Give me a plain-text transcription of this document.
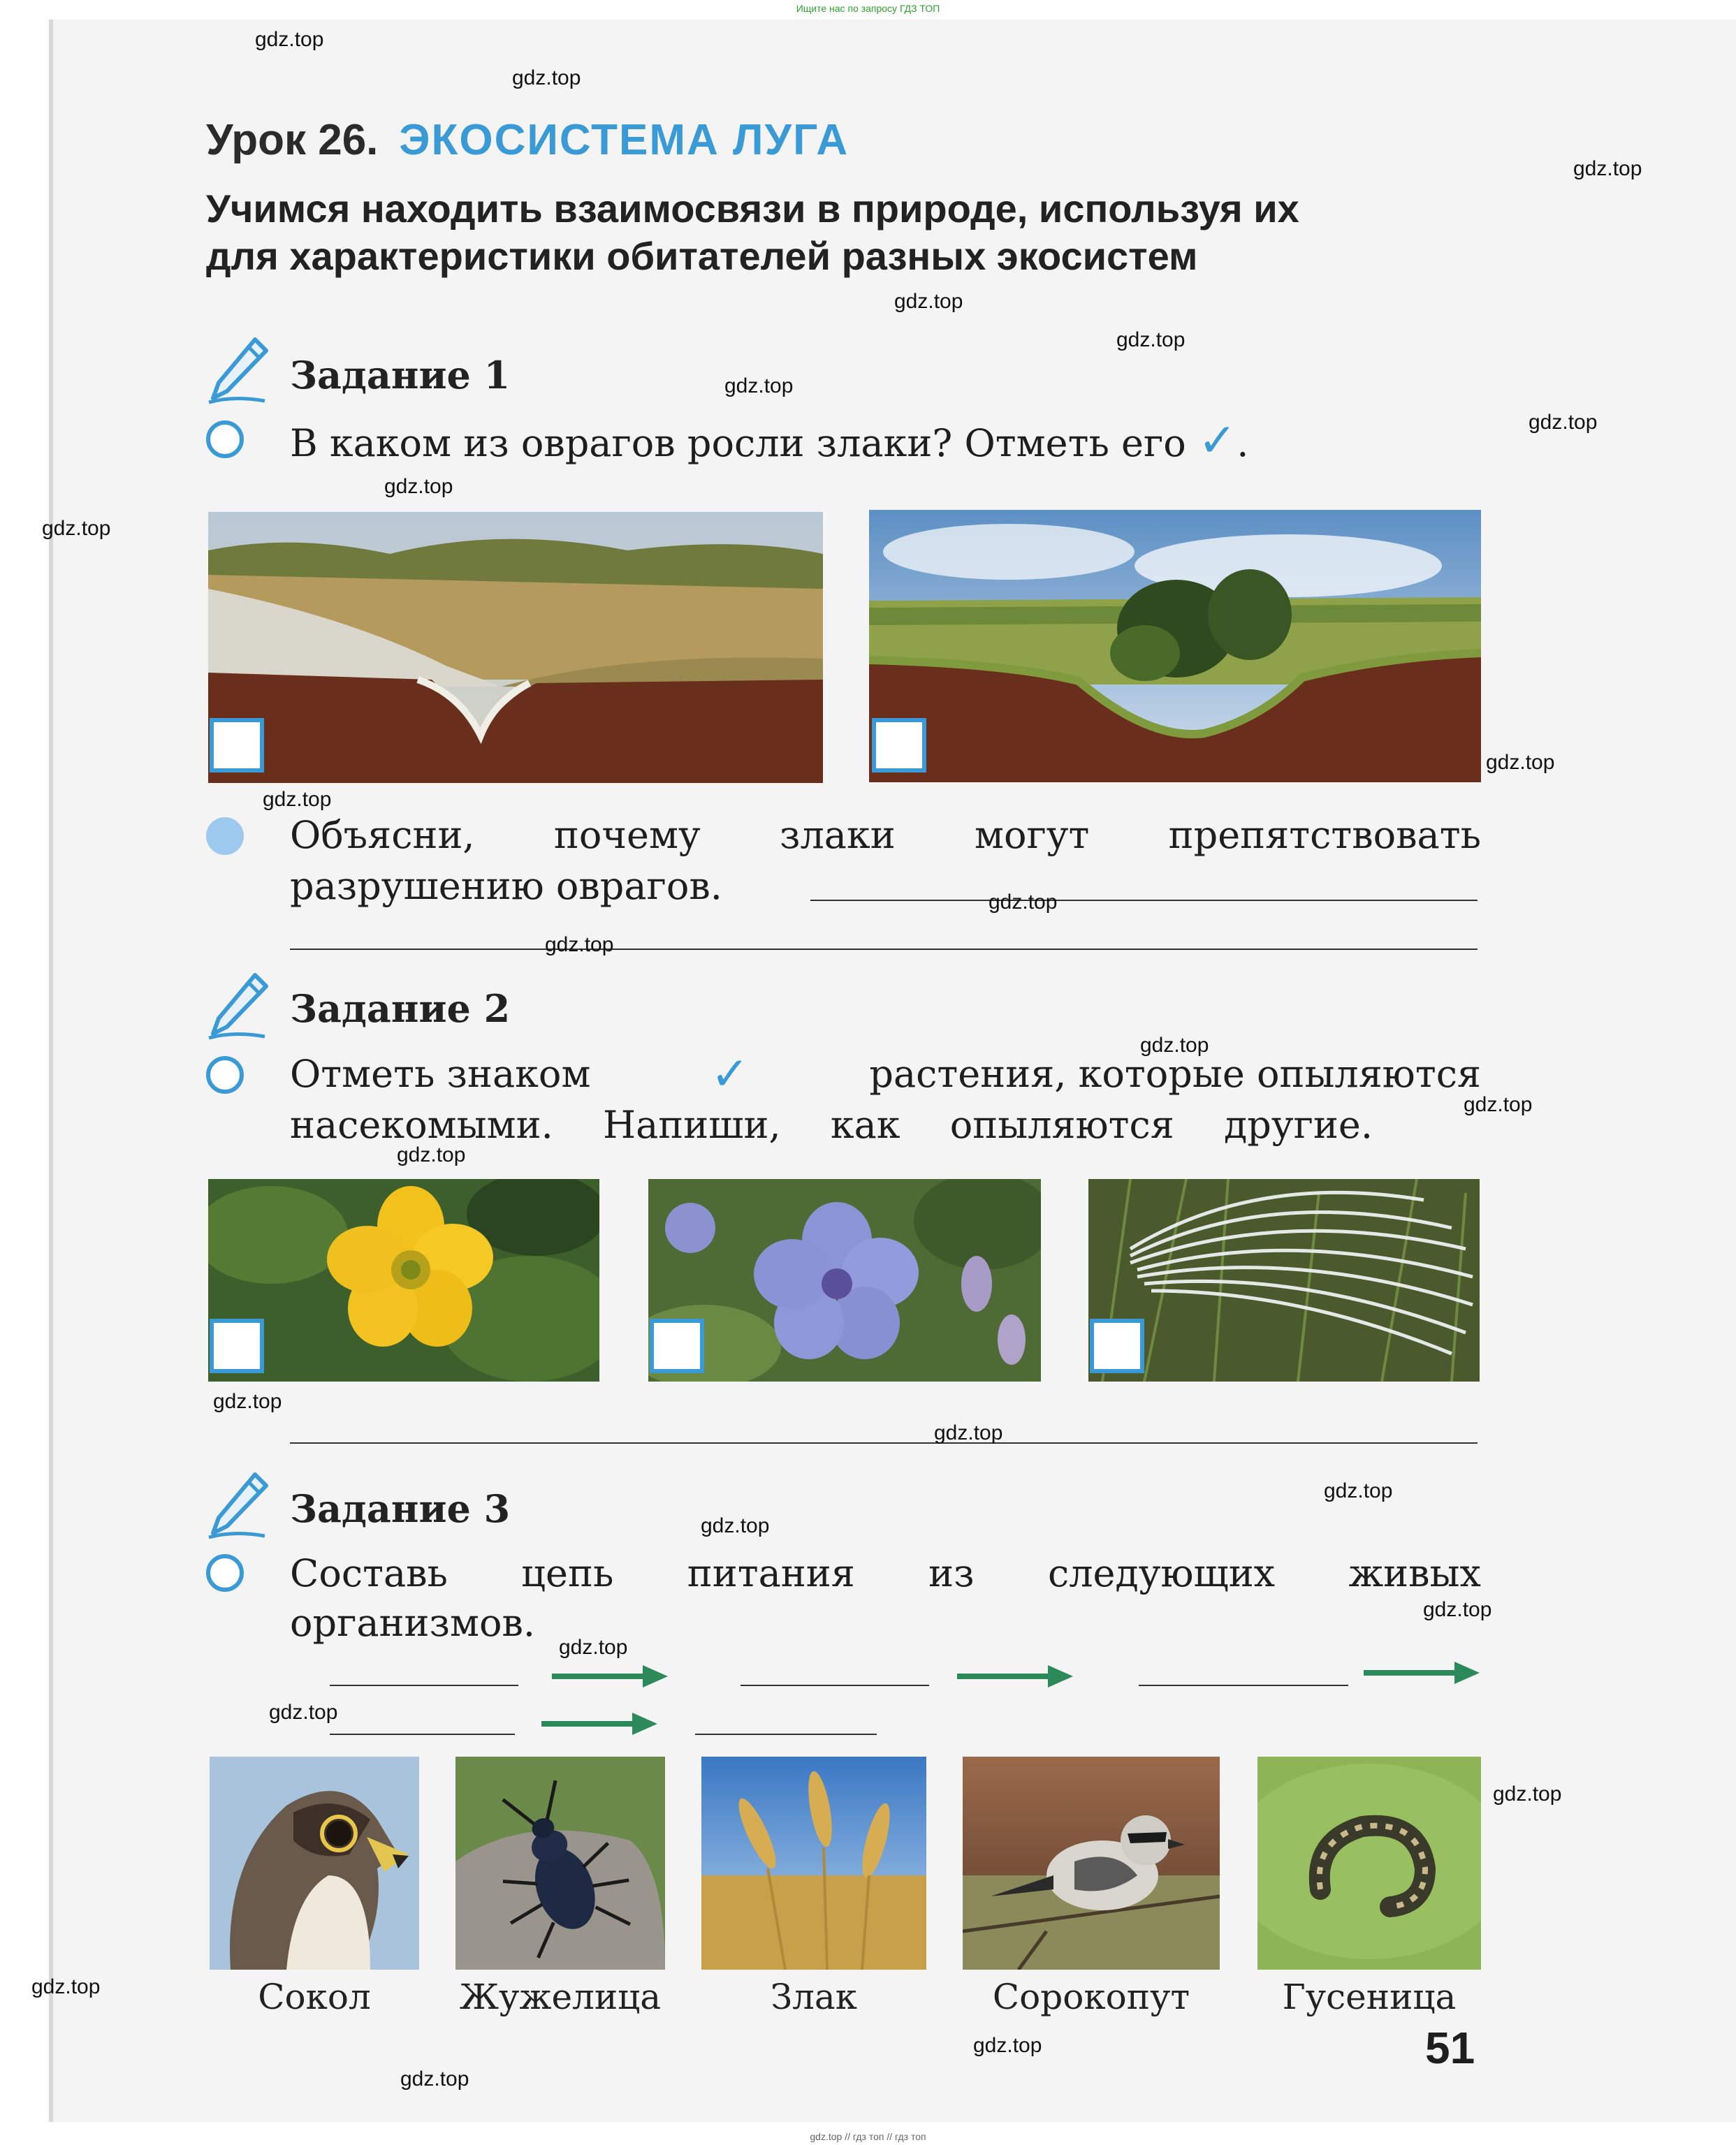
Ищите нас по запросу ГДЗ ТОП
Урок 26. ЭКОСИСТЕМА ЛУГА
Учимся находить взаимосвязи в природе, используя их для характеристики обитателей разных экосистем
Задание 1
В каком из оврагов росли злаки? Отметь его ✓.
Объясни, почему злаки могут препятствовать
разрушению оврагов.
Задание 2
Отметь знаком	✓	растения, которые опыляются
насекомыми. Напиши, как опыляются другие.
Задание 3
Составь цепь питания из следующих живых
организмов.
Сокол	Жужелица	Злак	Сорокопут	Гусеница
51
gdz.top
gdz.top
gdz.top
gdz.top
gdz.top
gdz.top
gdz.top
gdz.top
gdz.top
gdz.top
gdz.top
gdz.top
gdz.top
gdz.top
gdz.top
gdz.top
gdz.top
gdz.top
gdz.top
gdz.top
gdz.top
gdz.top
gdz.top
gdz.top
gdz.top
gdz.top
gdz.top
gdz.top // гдз топ // гдз топ
